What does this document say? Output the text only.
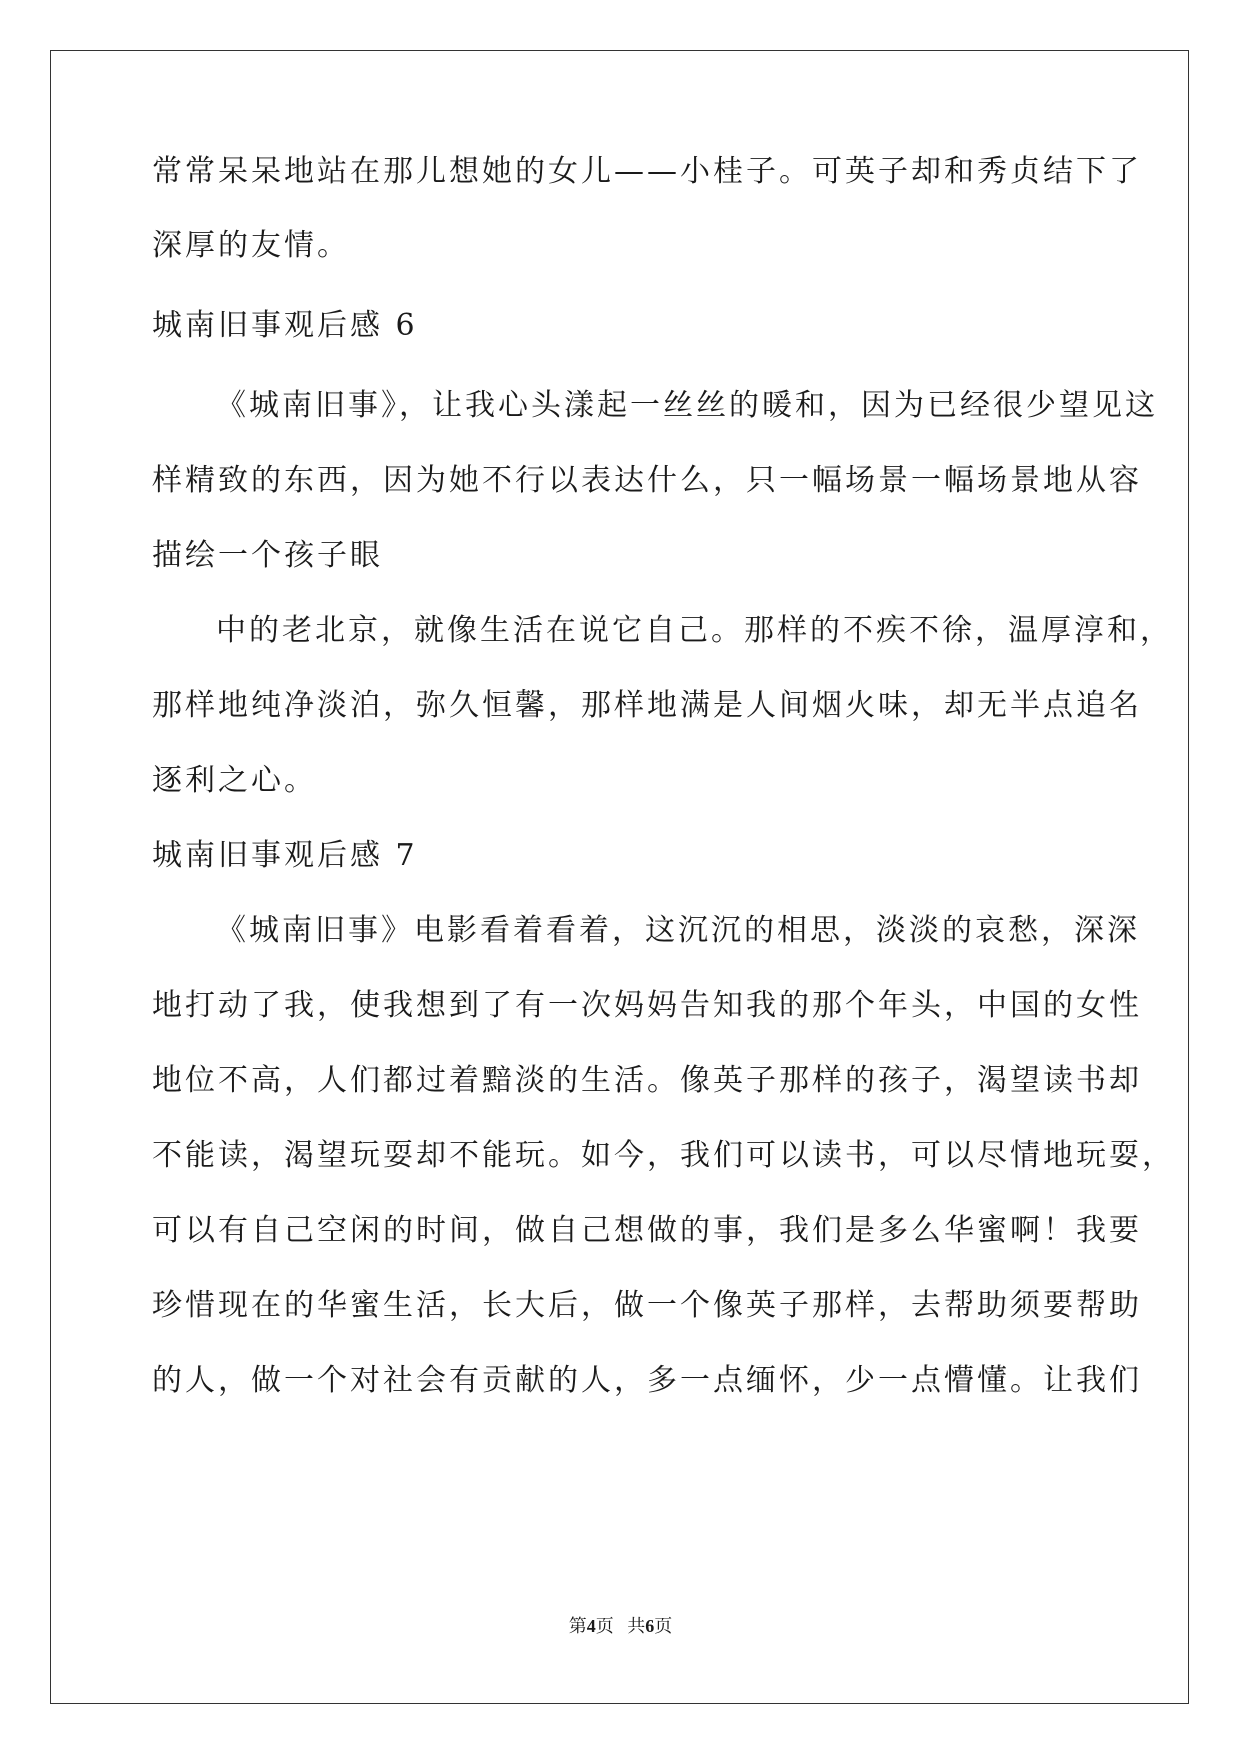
常常呆呆地站在那儿想她的女儿——小桂子。可英子却和秀贞结下了
深厚的友情。
城南旧事观后感 6
《城南旧事》，让我心头漾起一丝丝的暖和，因为已经很少望见这
样精致的东西，因为她不行以表达什么，只一幅场景一幅场景地从容
描绘一个孩子眼
中的老北京，就像生活在说它自己。那样的不疾不徐，温厚淳和，
那样地纯净淡泊，弥久恒馨，那样地满是人间烟火味，却无半点追名
逐利之心。
城南旧事观后感 7
《城南旧事》电影看着看着，这沉沉的相思，淡淡的哀愁，深深
地打动了我，使我想到了有一次妈妈告知我的那个年头，中国的女性
地位不高，人们都过着黯淡的生活。像英子那样的孩子，渴望读书却
不能读，渴望玩耍却不能玩。如今，我们可以读书，可以尽情地玩耍，
可以有自己空闲的时间，做自己想做的事，我们是多么华蜜啊！我要
珍惜现在的华蜜生活，长大后，做一个像英子那样，去帮助须要帮助
的人，做一个对社会有贡献的人，多一点缅怀，少一点懵懂。让我们
第4页 共6页
